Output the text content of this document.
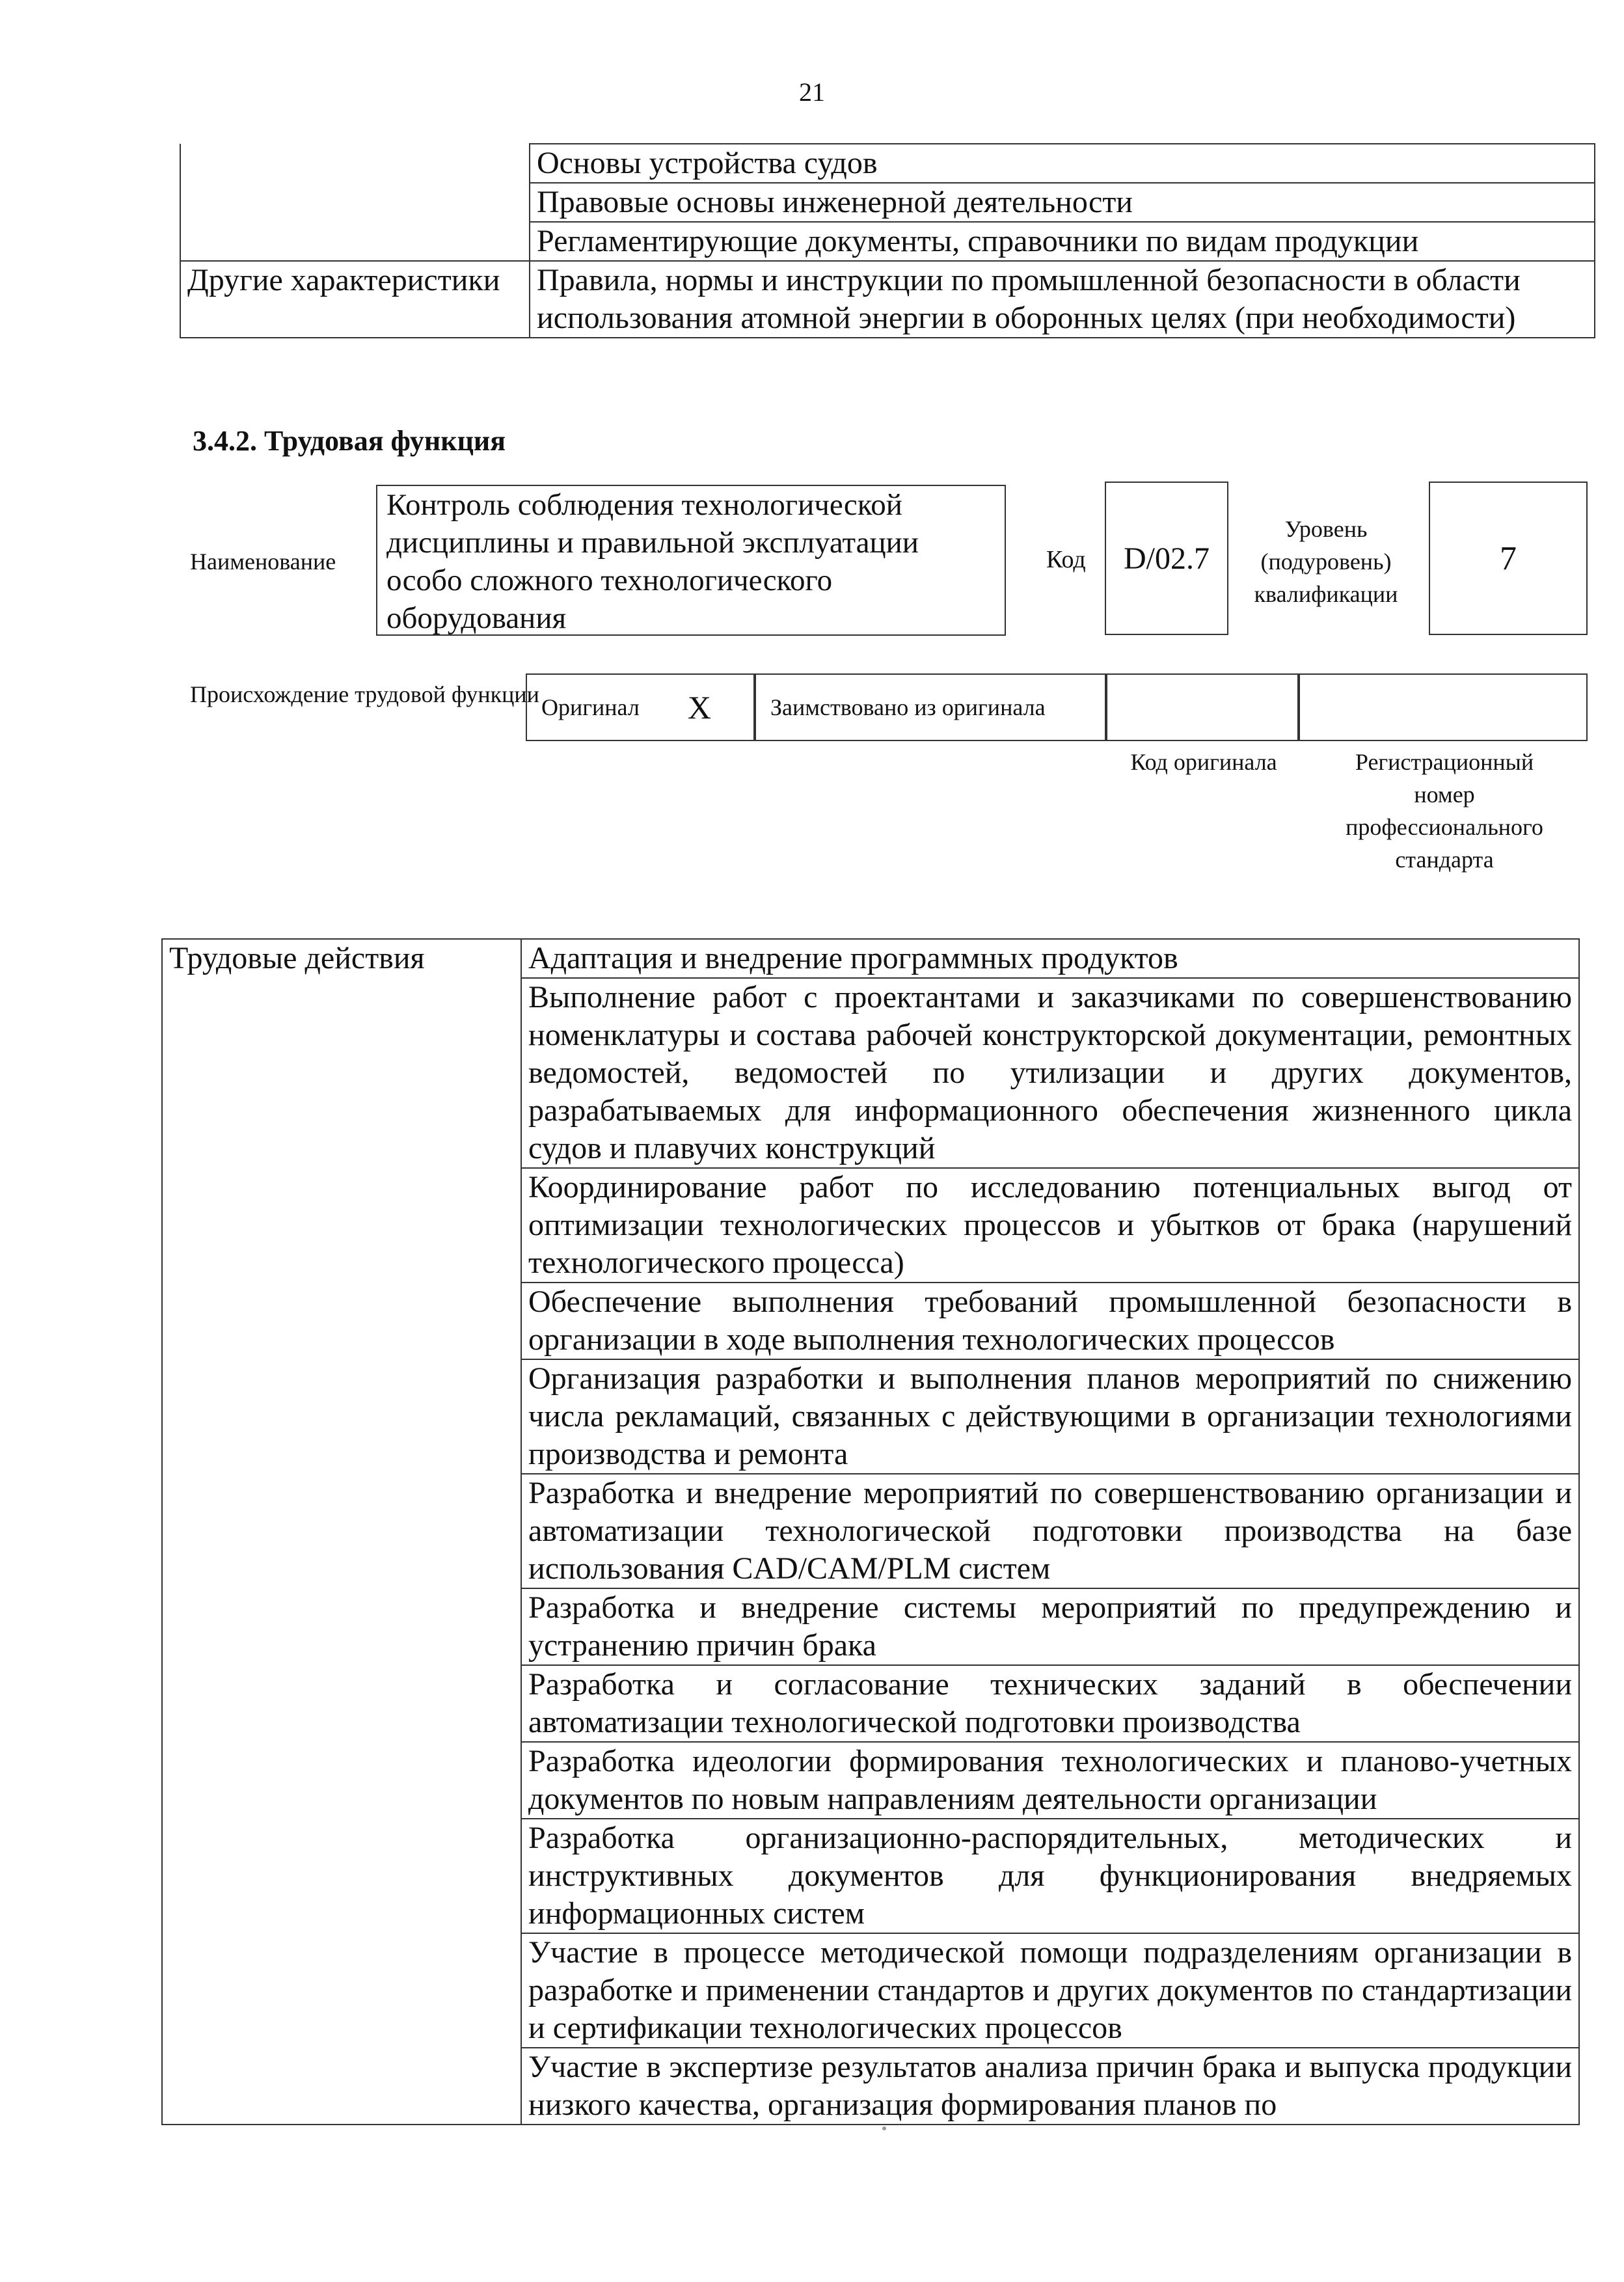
21
	Основы устройства судов
	Правовые основы инженерной деятельности
	Регламентирующие документы, справочники по видам продукции
Другие характеристики	Правила, нормы и инструкции по промышленной безопасности в области использования атомной энергии в оборонных целях (при необходимости)
3.4.2. Трудовая функция
Наименование
Контроль соблюдения технологической дисциплины и правильной эксплуатации особо сложного технологического оборудования
Код	D/02.7
Уровень (подуровень) квалификации
7
Происхождение трудовой функции Оригинал X	Заимствовано из оригинала
Код оригинала	Регистрационный номер профессионального стандарта
Трудовые действия	Адаптация и внедрение программных продуктов
Выполнение работ с проектантами и заказчиками по совершенствованию номенклатуры и состава рабочей конструкторской документации, ремонтных ведомостей, ведомостей по утилизации и других документов, разрабатываемых для информационного обеспечения жизненного цикла судов и плавучих конструкций
Координирование работ по исследованию потенциальных выгод от оптимизации технологических процессов и убытков от брака (нарушений технологического процесса)
Обеспечение выполнения требований промышленной безопасности в организации в ходе выполнения технологических процессов
Организация разработки и выполнения планов мероприятий по снижению числа рекламаций, связанных с действующими в организации технологиями производства и ремонта
Разработка и внедрение мероприятий по совершенствованию организации и автоматизации технологической подготовки производства на базе использования CAD/CAM/PLM систем
Разработка и внедрение системы мероприятий по предупреждению и устранению причин брака
Разработка и согласование технических заданий в обеспечении автоматизации технологической подготовки производства
Разработка идеологии формирования технологических и планово-учетных документов по новым направлениям деятельности организации
Разработка организационно-распорядительных, методических и инструктивных документов для функционирования внедряемых информационных систем
Участие в процессе методической помощи подразделениям организации в разработке и применении стандартов и других документов по стандартизации и сертификации технологических процессов
Участие в экспертизе результатов анализа причин брака и выпуска продукции низкого качества, организация формирования планов по
